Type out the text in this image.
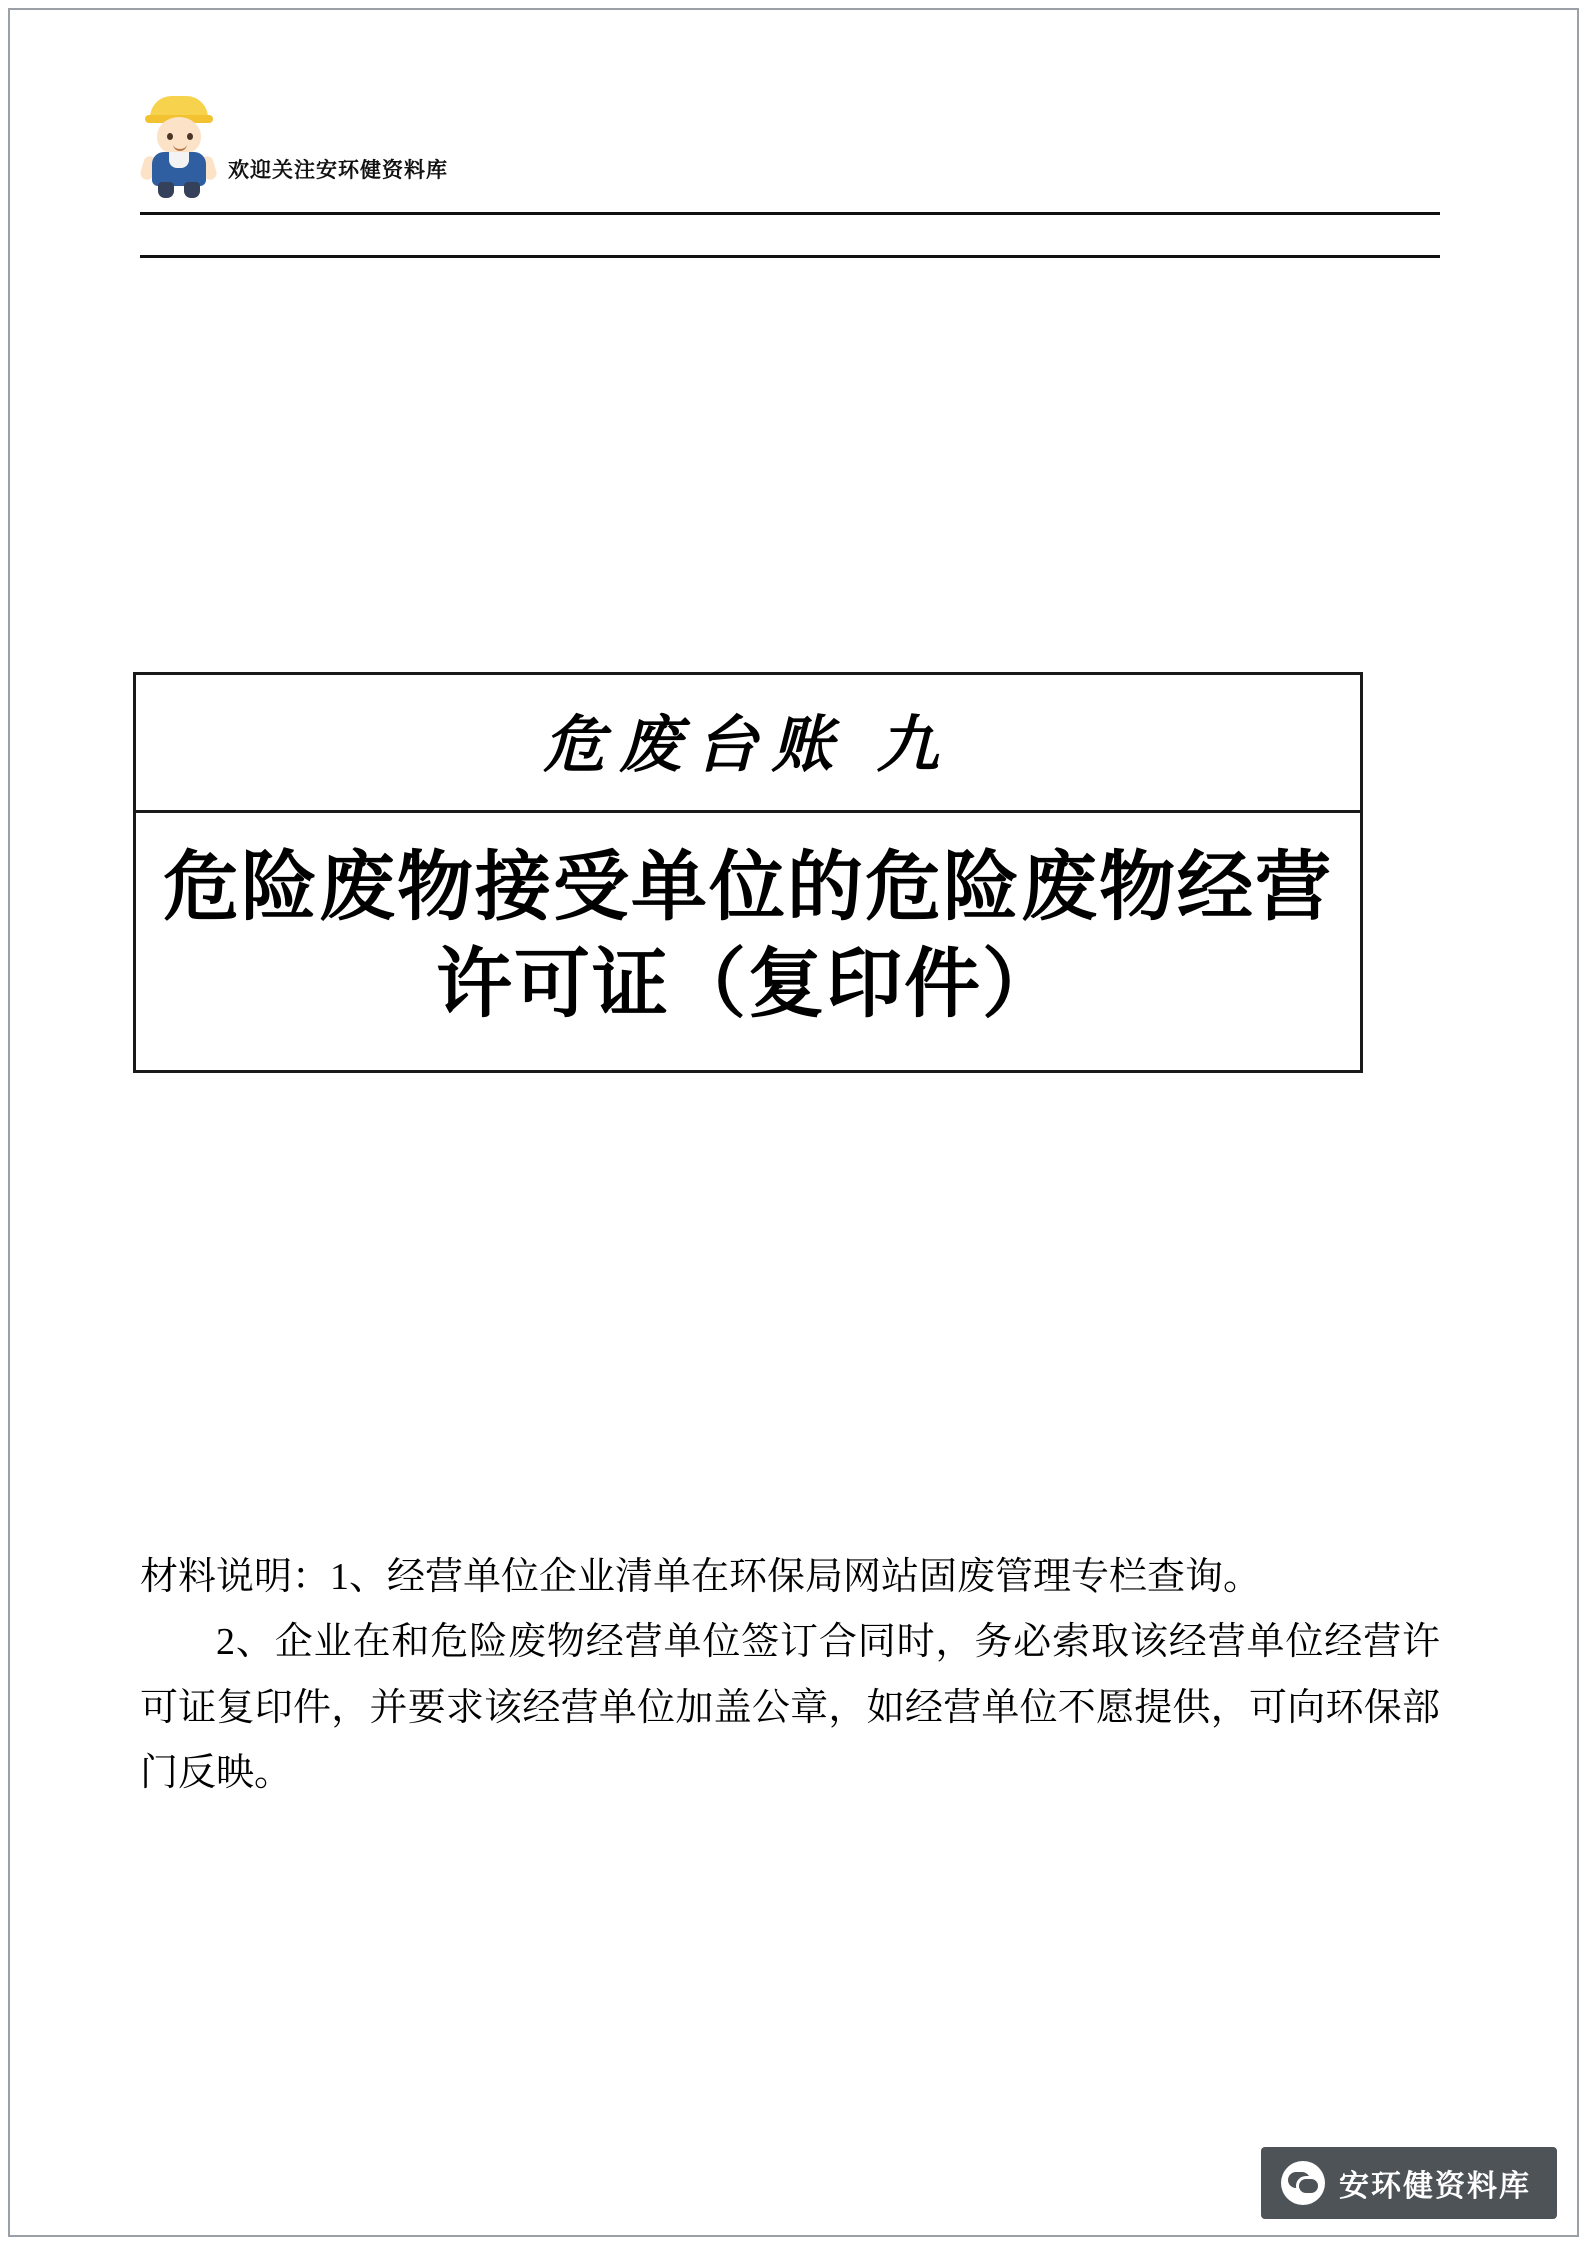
欢迎关注安环健资料库
危废台账 九
危险废物接受单位的危险废物经营许可证（复印件）

材料说明：1、经营单位企业清单在环保局网站固废管理专栏查询。

2、企业在和危险废物经营单位签订合同时，务必索取该经营单位经营许可证复印件，并要求该经营单位加盖公章，如经营单位不愿提供，可向环保部门反映。

安环健资料库
